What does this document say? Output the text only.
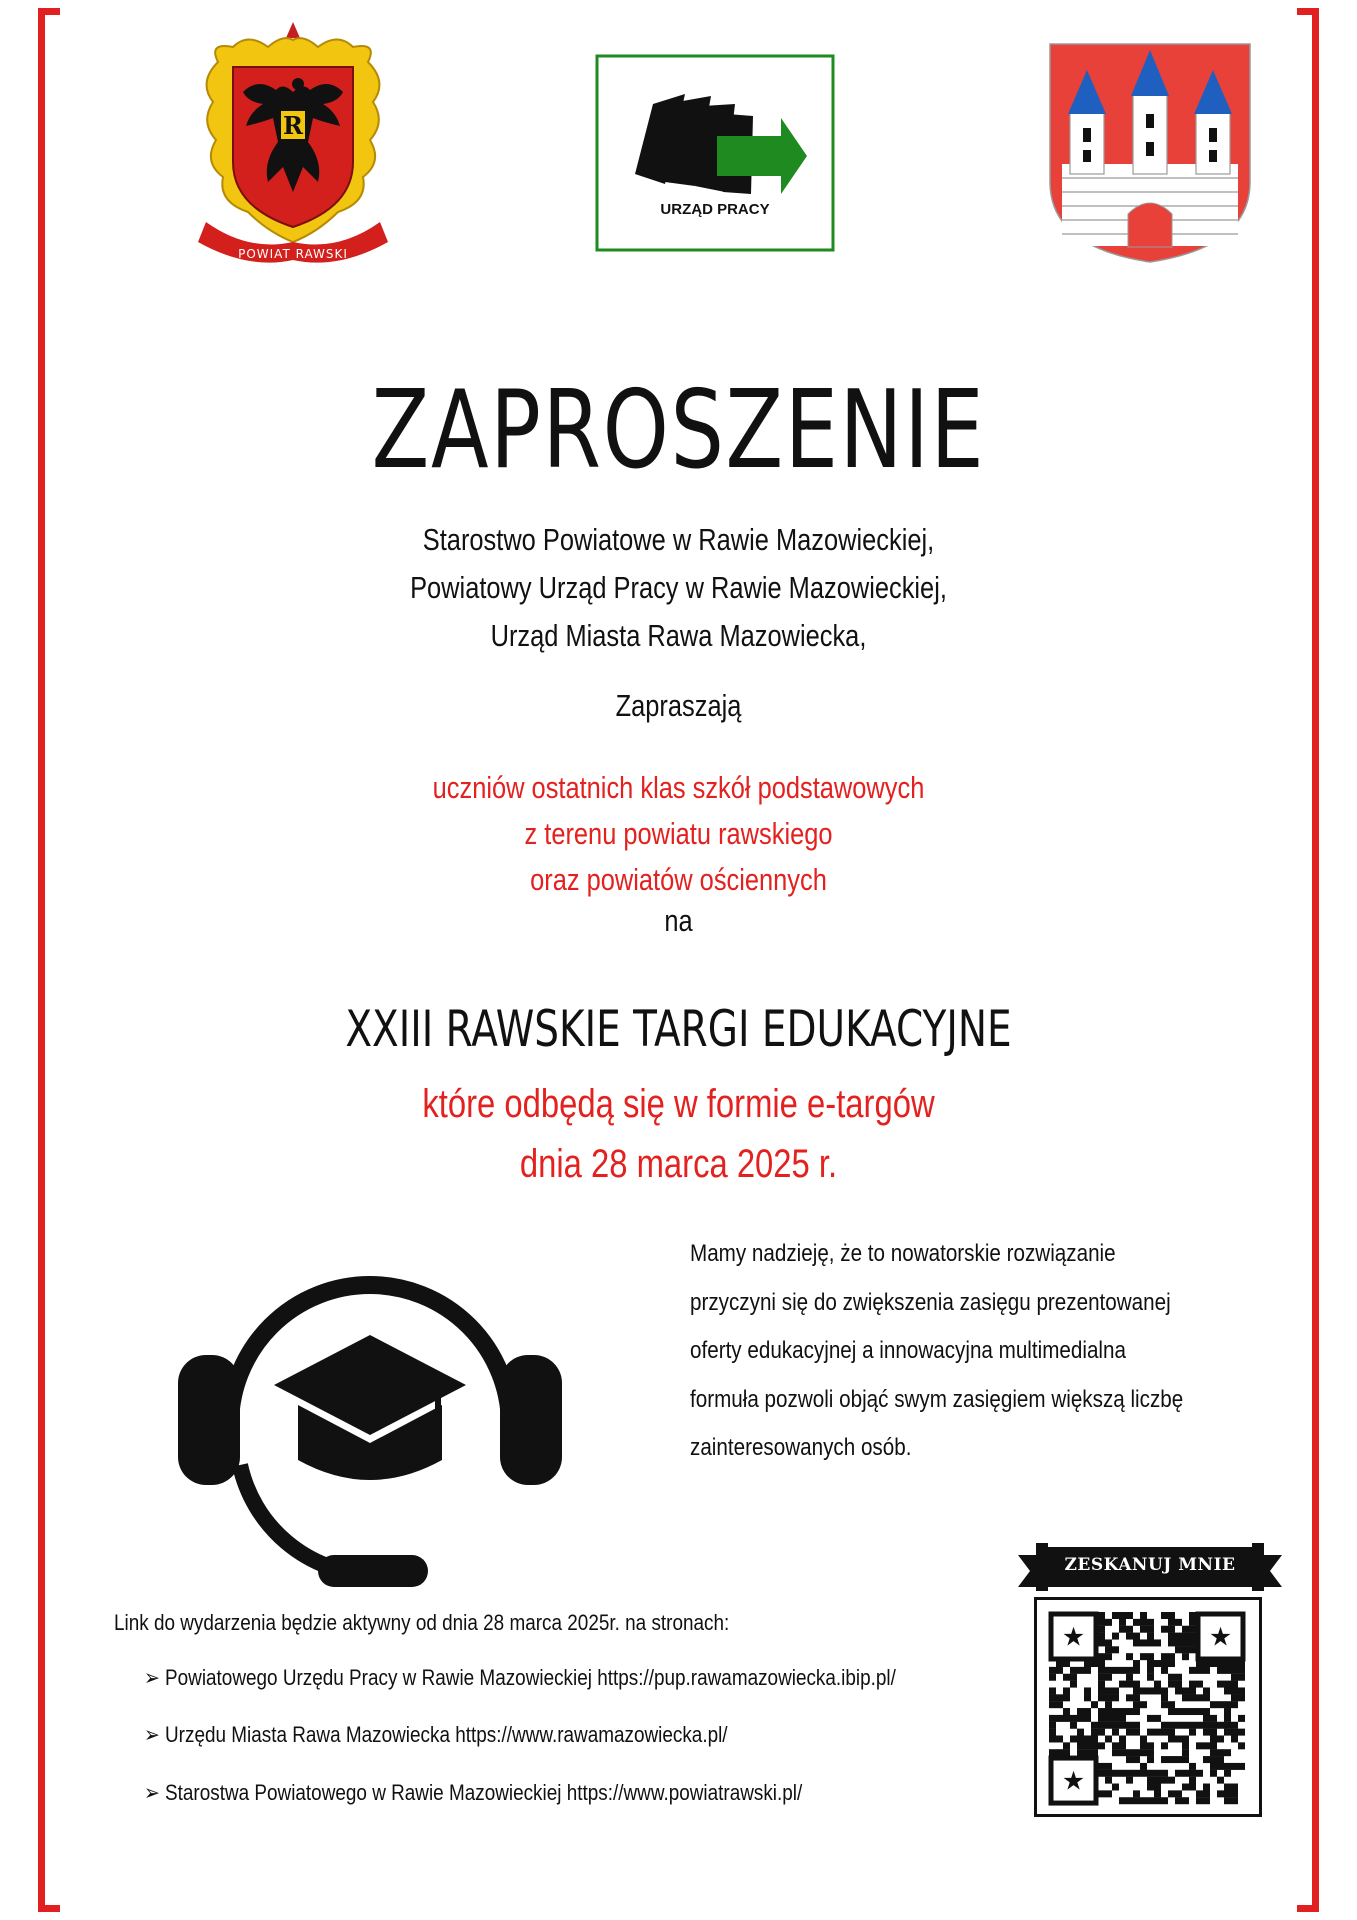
R
POWIAT RAWSKI
URZĄD PRACY
ZAPROSZENIE
Starostwo Powiatowe w Rawie Mazowieckiej,
Powiatowy Urząd Pracy w Rawie Mazowieckiej,
Urząd Miasta Rawa Mazowiecka,
Zapraszają
uczniów ostatnich klas szkół podstawowych
z terenu powiatu rawskiego
oraz powiatów ościennych
na
XXIII RAWSKIE TARGI EDUKACYJNE
które odbędą się w formie e-targów
dnia 28 marca 2025 r.
Mamy nadzieję, że to nowatorskie rozwiązanie
przyczyni się do zwiększenia zasięgu prezentowanej
oferty edukacyjnej a innowacyjna multimedialna
formuła pozwoli objąć swym zasięgiem większą liczbę
zainteresowanych osób.
Link do wydarzenia będzie aktywny od dnia 28 marca 2025r. na stronach:
➢ Powiatowego Urzędu Pracy w Rawie Mazowieckiej https://pup.rawamazowiecka.ibip.pl/
➢ Urzędu Miasta Rawa Mazowiecka https://www.rawamazowiecka.pl/
➢ Starostwa Powiatowego w Rawie Mazowieckiej https://www.powiatrawski.pl/
ZESKANUJ MNIE
★	★
★
